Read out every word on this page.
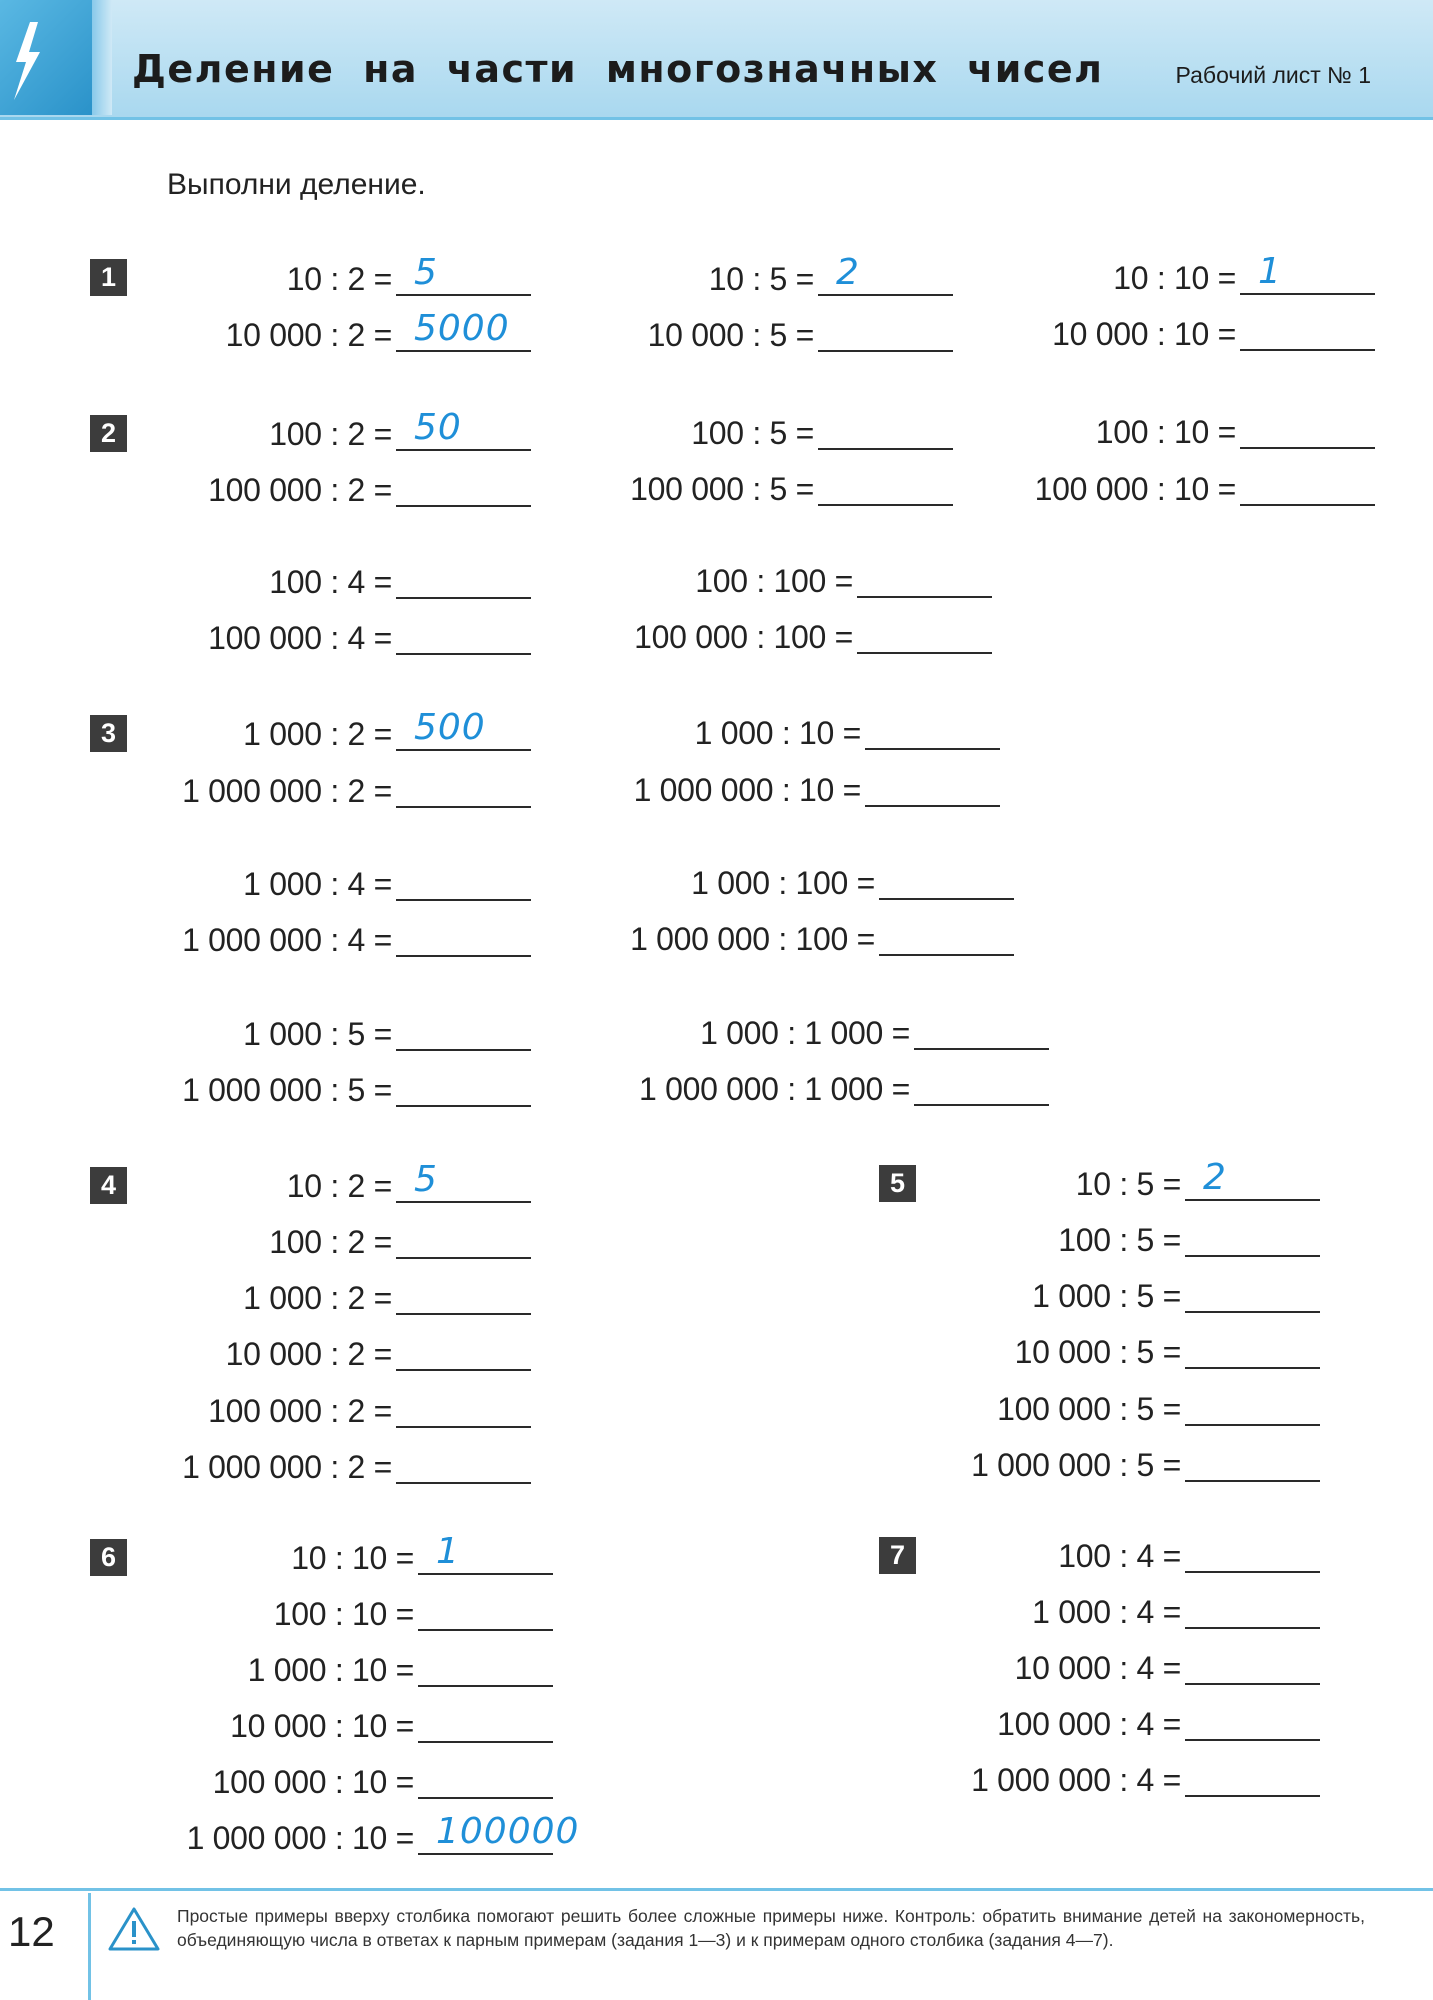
Деление на части многозначных чисел	Рабочий лист № 1
Выполни деление.
1
2
3
4	5
6	7
10 : 2 = 5
10 000 : 2 = 5000
10 : 5 = 2
10 000 : 5 =
10 : 10 = 1
10 000 : 10 =
100 : 2 = 50
100 000 : 2 =
100 : 5 =
100 000 : 5 =
100 : 10 =
100 000 : 10 =
100 : 4 =
100 000 : 4 =
100 : 100 =
100 000 : 100 =
1 000 : 2 = 500
1 000 000 : 2 =
1 000 : 10 =
1 000 000 : 10 =
1 000 : 4 =
1 000 000 : 4 =
1 000 : 100 =
1 000 000 : 100 =
1 000 : 5 =
1 000 000 : 5 =
1 000 : 1 000 =
1 000 000 : 1 000 =
10 : 2 = 5
100 : 2 =
1 000 : 2 =
10 000 : 2 =
100 000 : 2 =
1 000 000 : 2 =
10 : 5 = 2
100 : 5 =
1 000 : 5 =
10 000 : 5 =
100 000 : 5 =
1 000 000 : 5 =
10 : 10 = 1
100 : 10 =
1 000 : 10 =
10 000 : 10 =
100 000 : 10 =
1 000 000 : 10 = 100000
100 : 4 =
1 000 : 4 =
10 000 : 4 =
100 000 : 4 =
1 000 000 : 4 =
12	Простые примеры вверху столбика помогают решить более сложные примеры ниже. Контроль: обратить внимание детей на закономерность, объединяющую числа в ответах к парным примерам (задания 1—3) и к примерам одного столбика (задания 4—7).
